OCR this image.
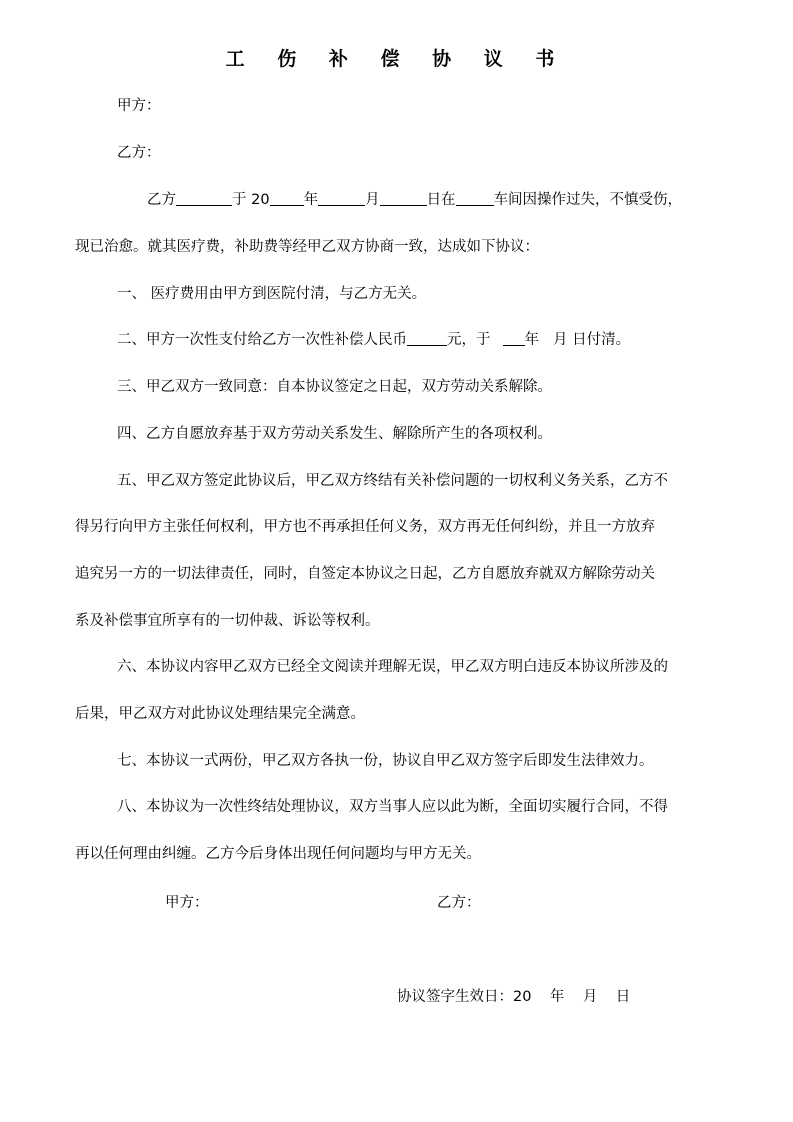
工 伤 补 偿 协 议 书
甲方：
乙方：
乙方	于 20 年	月	日在	车间因操作过失，不慎受伤，
现已治愈。就其医疗费，补助费等经甲乙双方协商一致，达成如下协议：
一、 医疗费用由甲方到医院付清，与乙方无关。
二、甲方一次性支付给乙方一次性补偿人民币	元，于 年 月 日付清。
三、甲乙双方一致同意：自本协议签定之日起，双方劳动关系解除。
四、乙方自愿放弃基于双方劳动关系发生、解除所产生的各项权利。
五、甲乙双方签定此协议后，甲乙双方终结有关补偿问题的一切权利义务关系，乙方不
得另行向甲方主张任何权利，甲方也不再承担任何义务，双方再无任何纠纷，并且一方放弃
追究另一方的一切法律责任，同时，自签定本协议之日起，乙方自愿放弃就双方解除劳动关
系及补偿事宜所享有的一切仲裁、诉讼等权利。
六、本协议内容甲乙双方已经全文阅读并理解无误，甲乙双方明白违反本协议所涉及的
后果，甲乙双方对此协议处理结果完全满意。
七、本协议一式两份，甲乙双方各执一份，协议自甲乙双方签字后即发生法律效力。
八、本协议为一次性终结处理协议，双方当事人应以此为断，全面切实履行合同，不得
再以任何理由纠缠。乙方今后身体出现任何问题均与甲方无关。
甲方：	乙方：
协议签字生效日：20    年    月    日
